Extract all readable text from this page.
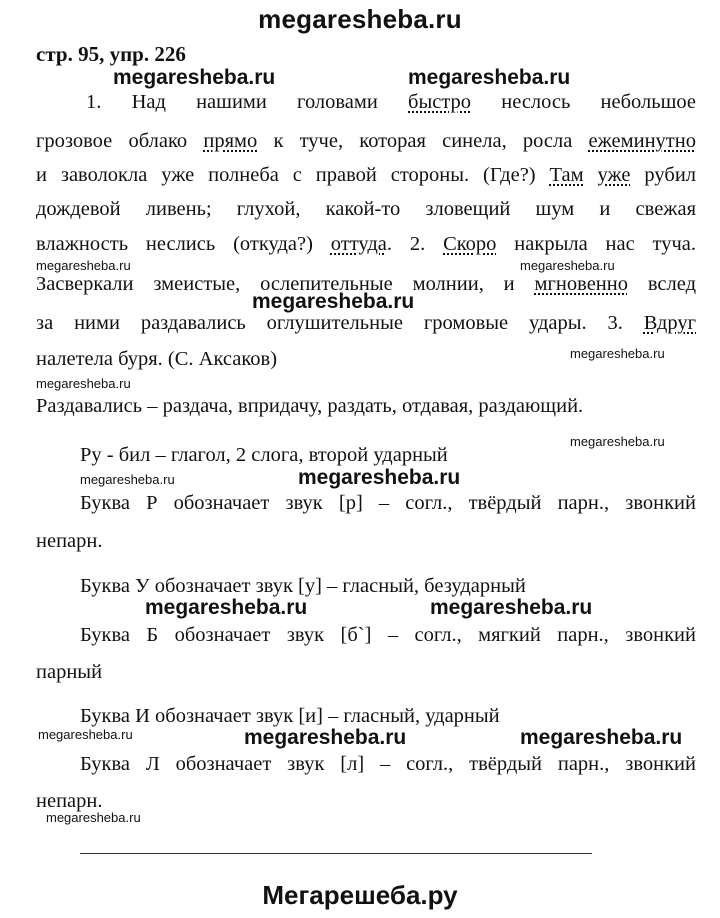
megaresheba.ru
стр. 95, упр. 226
megaresheba.ru	megaresheba.ru
megaresheba.ru	megaresheba.ru
megaresheba.ru
megaresheba.ru
megaresheba.ru
megaresheba.ru
megaresheba.ru	megaresheba.ru
megaresheba.ru	megaresheba.ru
megaresheba.ru	megaresheba.ru	megaresheba.ru
megaresheba.ru
1. Над нашими головами быстро неслось небольшое
грозовое облако прямо к туче, которая синела, росла ежеминутно
и заволокла уже полнеба с правой стороны. (Где?) Там уже рубил
дождевой ливень; глухой, какой-то зловещий шум и свежая
влажность неслись (откуда?) оттуда. 2. Скоро накрыла нас туча.
Засверкали змеистые, ослепительные молнии, и мгновенно вслед
за ними раздавались оглушительные громовые удары. 3. Вдруг
налетела буря. (С. Аксаков)
Раздавались – раздача, впридачу, раздать, отдавая, раздающий.
Ру - бил – глагол, 2 слога, второй ударный
Буква Р обозначает звук [р] – согл., твёрдый парн., звонкий
непарн.
Буква У обозначает звук [у] – гласный, безударный
Буква Б обозначает звук [б`] – согл., мягкий парн., звонкий
парный
Буква И обозначает звук [и] – гласный, ударный
Буква Л обозначает звук [л] – согл., твёрдый парн., звонкий
непарн.
Мегарешеба.ру
